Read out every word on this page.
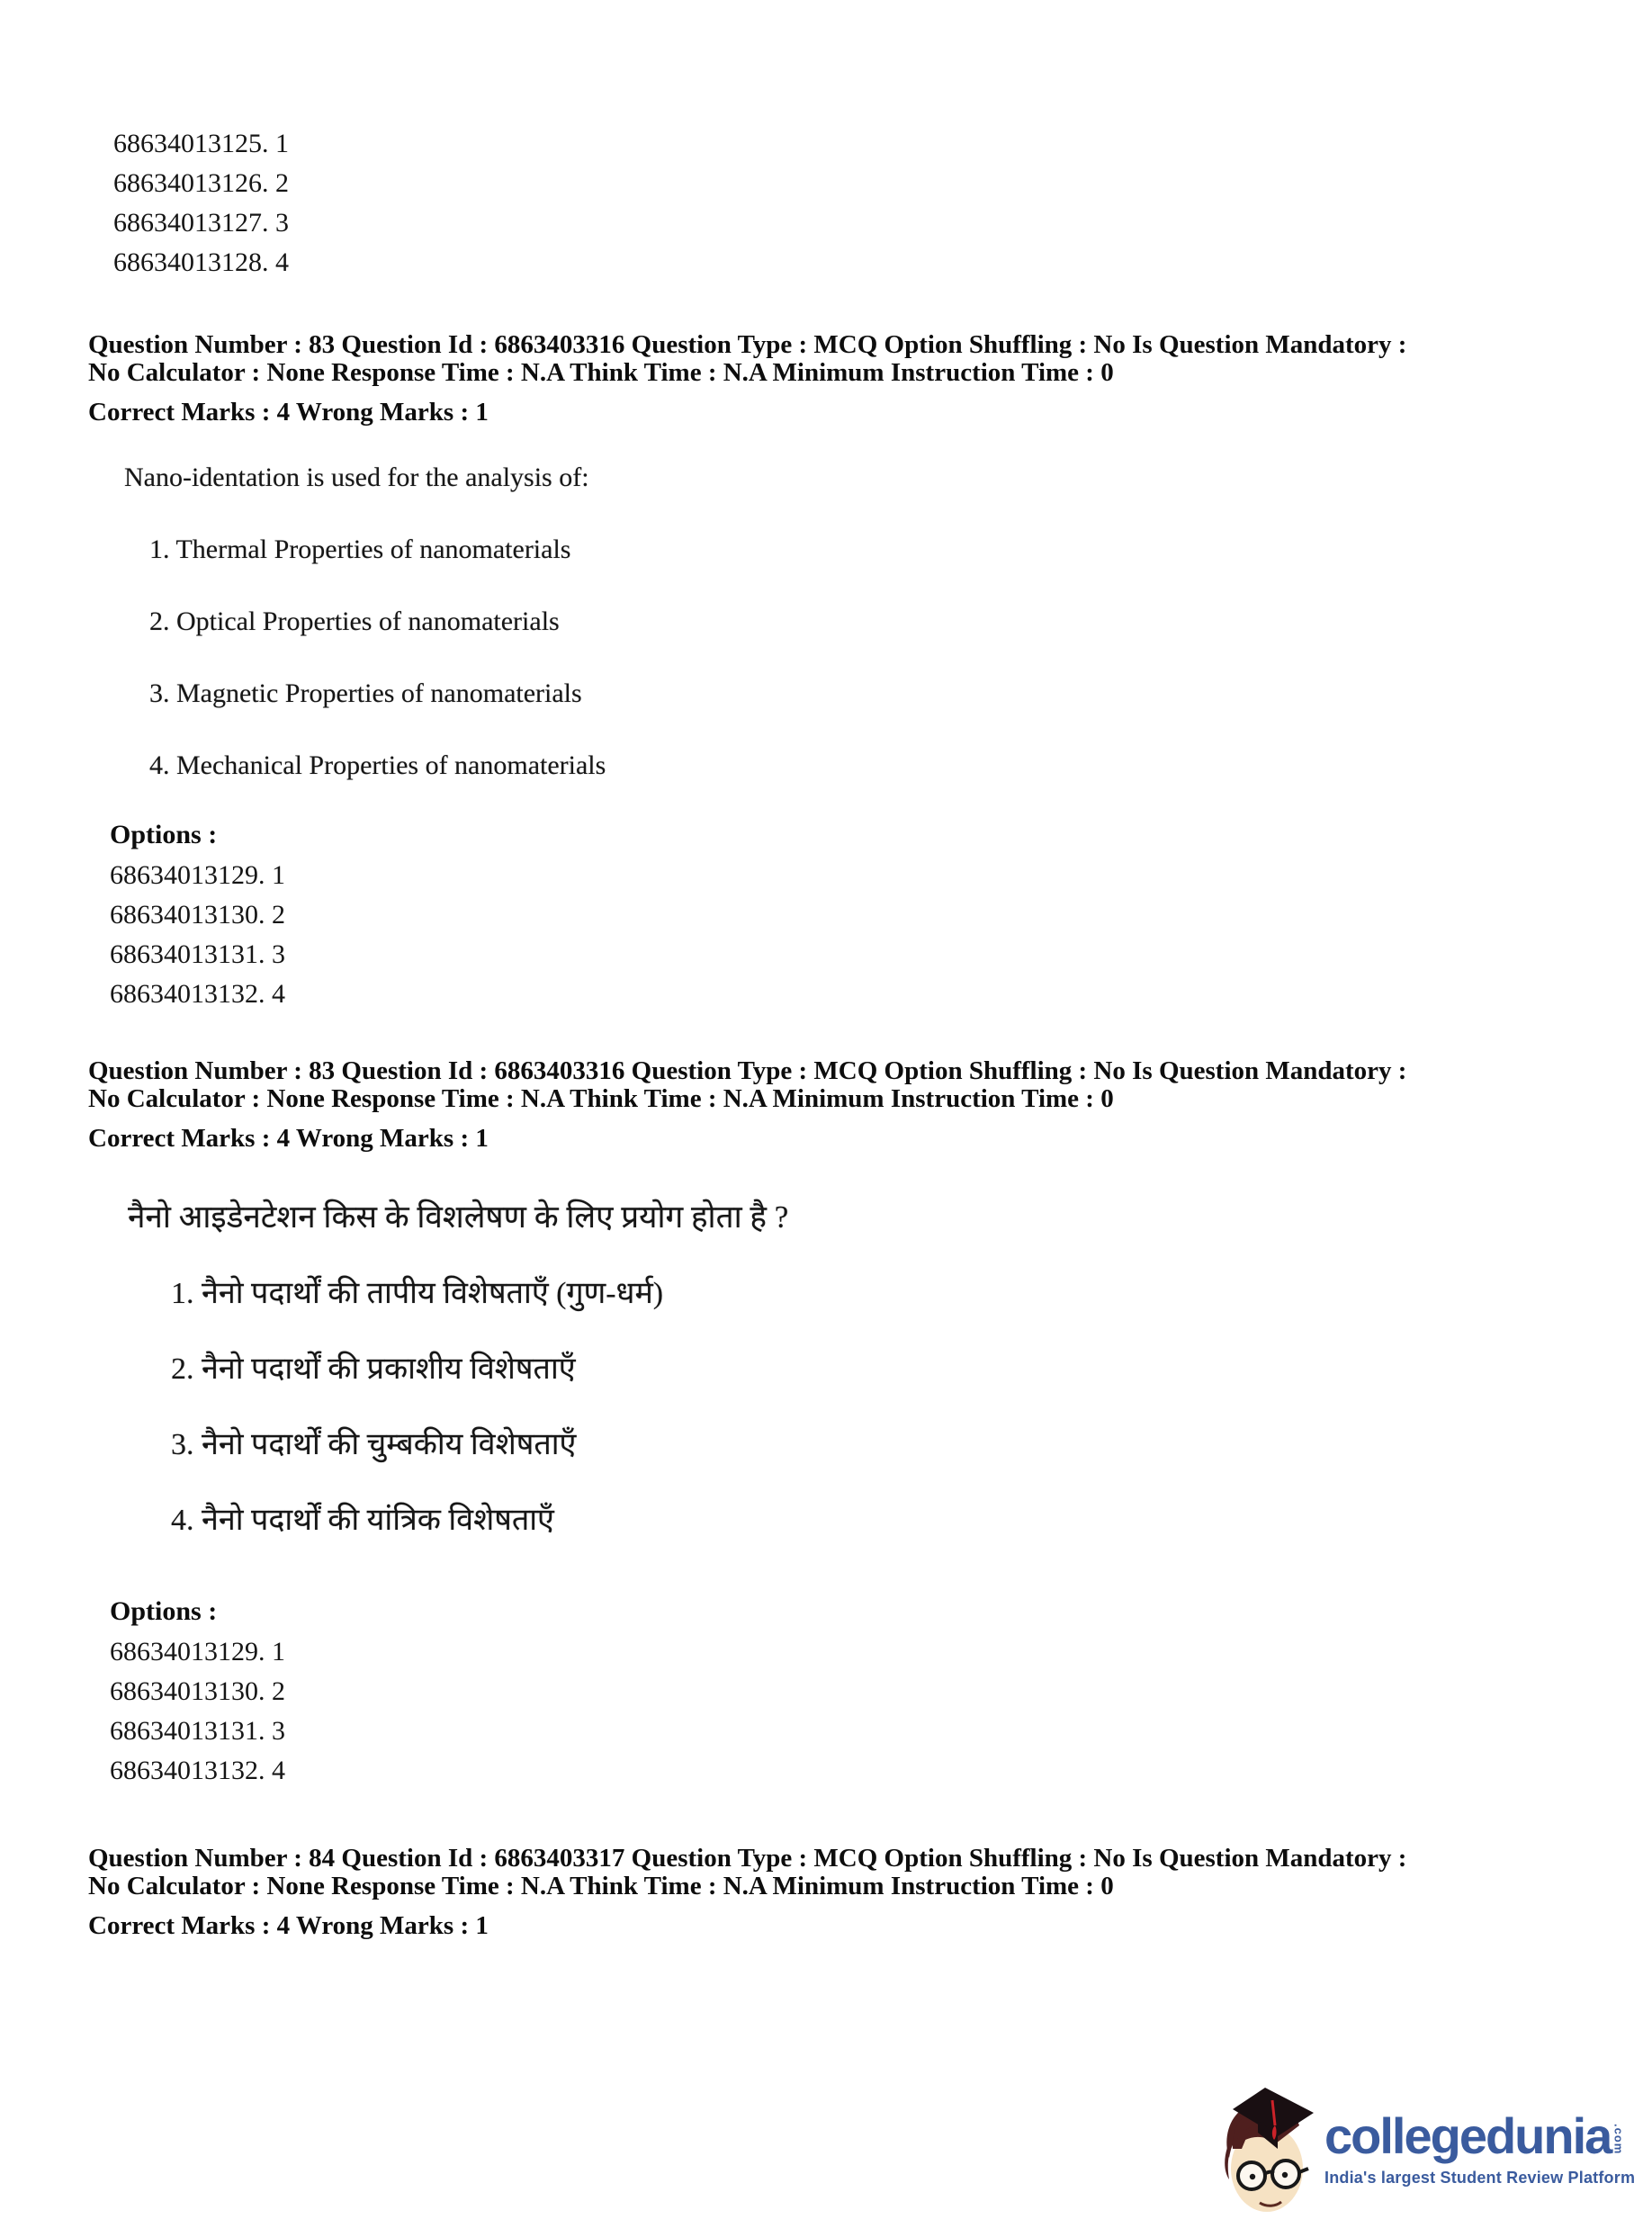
68634013125. 1
68634013126. 2
68634013127. 3
68634013128. 4
Question Number : 83 Question Id : 6863403316 Question Type : MCQ Option Shuffling : No Is Question Mandatory :
No Calculator : None Response Time : N.A Think Time : N.A Minimum Instruction Time : 0
Correct Marks : 4 Wrong Marks : 1
Nano-identation is used for the analysis of:
1. Thermal Properties of nanomaterials
2. Optical Properties of nanomaterials
3. Magnetic Properties of nanomaterials
4. Mechanical Properties of nanomaterials
Options :
68634013129. 1
68634013130. 2
68634013131. 3
68634013132. 4
Question Number : 83 Question Id : 6863403316 Question Type : MCQ Option Shuffling : No Is Question Mandatory :
No Calculator : None Response Time : N.A Think Time : N.A Minimum Instruction Time : 0
Correct Marks : 4 Wrong Marks : 1
नैनो आइडेनटेशन किस के विशलेषण के लिए प्रयोग होता है ?
1. नैनो पदार्थों की तापीय विशेषताएँ (गुण-धर्म)
2. नैनो पदार्थों की प्रकाशीय विशेषताएँ
3. नैनो पदार्थों की चुम्बकीय विशेषताएँ
4. नैनो पदार्थों की यांत्रिक विशेषताएँ
Options :
68634013129. 1
68634013130. 2
68634013131. 3
68634013132. 4
Question Number : 84 Question Id : 6863403317 Question Type : MCQ Option Shuffling : No Is Question Mandatory :
No Calculator : None Response Time : N.A Think Time : N.A Minimum Instruction Time : 0
Correct Marks : 4 Wrong Marks : 1
collegedunia .com
India's largest Student Review Platform
